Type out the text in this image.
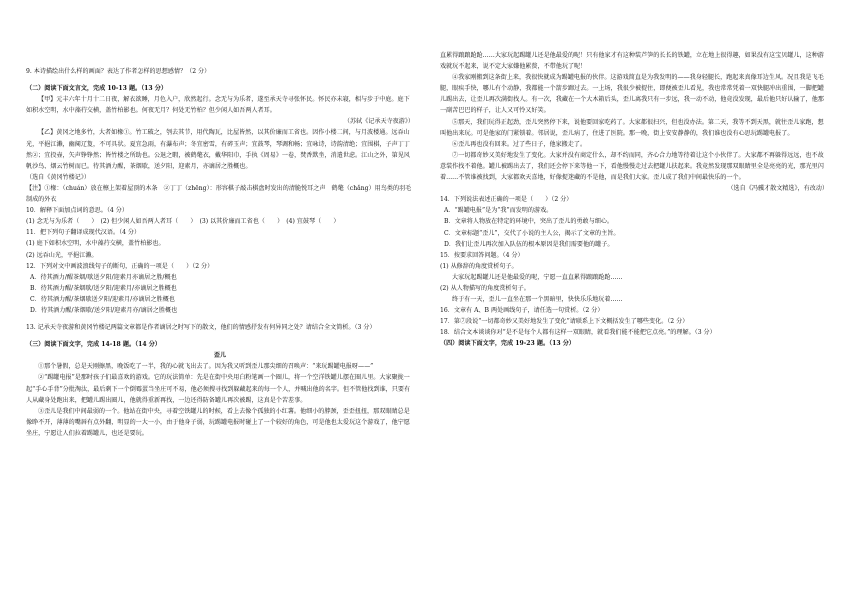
9. 本诗描绘出什么样的画面？表达了作者怎样的思想感情？（2 分）

（二）阅读下面文言文，完成 10-13 题。（13 分）

【甲】元丰六年十月十二日夜，解衣欲睡，月色入户，欣然起行。念无与为乐者，遂至承天寺寻张怀民。怀民亦未寝，相与步于中庭。庭下如积水空明，水中藻荇交横，盖竹柏影也。何夜无月？何处无竹柏？但少闲人如吾两人者耳。

（苏轼《记承天寺夜游》）

【乙】黄冈之地多竹，大者如椽①。竹工破之，刳去其节，用代陶瓦，比屋皆然，以其价廉而工省也。因作小楼二间，与月波楼通。远吞山光，平挹江濑，幽阒辽夐，不可具状。夏宜急雨，有瀑布声；冬宜密雪，有碎玉声；宜鼓琴，琴调和畅；宜咏诗，诗韵清绝；宜围棋，子声丁丁然②；宜投壶，矢声铮铮然；皆竹楼之所助也。公退之暇，被鹤氅衣，戴华阳巾，手执《周易》一卷，焚香默坐，消遣世虑。江山之外，第见风帆沙鸟、烟云竹树而已。待其酒力醒，茶烟歇，送夕阳，迎素月，亦谪居之胜概也。

（选自《黄冈竹楼记》）

【注】①椽：（chuán）放在檩上架着屋顶的木条　②丁丁（zhēng）：形容棋子敲击棋盘时发出的清脆悦耳之声　鹤氅（chǎng）用鸟类的羽毛制成的外衣

10．解释下面加点词的意思。（4 分）

(1) 念无与为乐者（　　）　(2) 但少闲人如吾两人者耳（　　）　(3) 以其价廉而工省也（　　）　(4) 宜鼓琴（　　）

11．把下列句子翻译成现代汉语。（4 分）

(1) 庭下如积水空明，水中藻荇交横，盖竹柏影也。

(2) 远吞山光，平挹江濑。

12．下列对文中画波浪线句子的断句，正确的一项是（　　）（2 分）

A．待其酒力/醒茶烟/歇送夕阳/迎素月亦谪居之胜/概也

B．待其酒力醒/茶烟歇/送夕阳/迎素月/亦谪居之胜概也

C．待其酒力醒/茶烟歇送夕阳/迎素月/亦谪居之胜概也

D．待其酒力醒/茶烟歇/送夕阳/迎素月亦/谪居之胜概也

13. 记承天寺夜游和黄冈竹楼记两篇文章都是作者谪居之时写下的散文，他们的情感抒发有何异同之处？请结合全文简析。（3 分）

（三）阅读下面文字，完成 14-18 题。（14 分）

歪儿

①那个暑假，总是天刚擦黑，晚饭吃了一半，我的心就飞出去了。因为我又听到歪儿那尖细的召唤声：“来玩踢罐电报呀——”

②“踢罐电报”是那时孩子们最喜欢的游戏。它的玩法简单：先是在街中央用白粉笔画一个圈儿，将一个空洋铁罐儿摆在圈儿里。大家聚拢一起“手心手背”分批淘汰，最后剩下一个倒霉蛋当坐庄可不易，他必须搜寻找到躲藏起来的每一个人，并喊出他的名字。但不管他找到谁，只要有人从藏身处跑出来，把罐儿踢出圈儿，他就得重新再找，一边还得防备罐儿再次被踢，这真是个苦差事。

③歪儿是我们中间最弱的一个。他站在街中央，寻着空铁罐儿的时候，看上去像个孤独的小红薯。他细小的脖颈，歪歪扭扭，那双眼睛总是像睁不开，薄薄的嘴唇有点外翻，明显的一大一小，由于他身子弱，玩踢罐电报时碰上了一个较好的角色，可是他也太爱玩这个游戏了，他宁愿坐庄，宁愿让人们拉着踢罐儿，也还是要玩。

直累得踉踉跄跄……大家玩起踢罐儿还是他最爱的呢！只有他家才有这种装芦笋的长长的铁罐，立在地上很得趣，如果没有这宝贝罐儿，这种游戏就玩不起来，说不定大家嫌他累赘，不带他玩了呢！

④我家刚搬到这条街上来，我很快就成为踢罐电报的伙伴。这游戏简直是为我发明的——我身轻腿长，跑起来真像耳边生风。况且我是飞毛腿，眼疾手快，哪儿有个动静，我都能一个箭步蹿过去。一上场，我很少被捉住，即便被歪儿看见，我也常常凭着一双快腿冲出重围，一脚把罐儿踢出去，让歪儿再次满街找人。有一次，我藏在一个大木箱后头，歪儿离我只有一步远，我一动不动，他竟没发现，最后他只好认输了，他那一副苦巴巴的样子，让人又可怜又好笑。

⑤那天，我们玩得正起劲，歪儿突然停下来，说他要回家吃药了。大家都很扫兴，但也没办法。第二天，我等不到天黑，就往歪儿家跑，想叫他出来玩。可是他家的门紧锁着。邻居说，歪儿病了，住进了医院。那一晚，街上安安静静的，我们谁也没有心思玩踢罐电报了。

⑥歪儿再也没有回来。过了些日子，他家搬走了。

⑦一切都奇妙又美好地发生了变化。大家并没有商定什么，却不约而同，齐心合力地等待着让这个小伙伴了。大家都不再躲得远远，也不故意装作找不着他。罐儿被踢出去了，我们还会停下来等他一下，看他慢慢走过去把罐儿扶起来。我竟然发现那双眼睛里全是亮亮的光，那光里闪着……不管谁被找到，大家都欢天喜地，好像捉迷藏的不是他，而是我们大家。歪儿成了我们中间最快乐的一个。

（选自《冯骥才散文精选》，有改动）

14．下列说法表述正确的一项是（　　）（2 分）

A．“踢罐电报”是为“我”而发明的游戏。

B．文章将人物放在特定的环境中，突出了歪儿的勇敢与细心。

C．文章标题“歪儿”，交代了小说的主人公，揭示了文章的主旨。

D．我们让歪儿再次加入队伍的根本原因是我们需要他的罐子。

15．按要求回答问题。（4 分）

(1) 从修辞的角度赏析句子。

大家玩起踢罐儿还是他最爱的呢，宁愿一直直累得踉踉跄跄……

(2) 从人物描写的角度赏析句子。

终于有一天，歪儿一直坐在那一个黑暗里，快快乐乐地玩着……

16．文章有 A、B 两处画线句子，请任选一句赏析。（2 分）

17．第⑦段说“一切都奇妙又美好地发生了变化”请联系上下文概括发生了哪些变化。（2 分）

18．结合文本谈谈你对“是不是每个人都有这样一双眼睛，就看我们能不能把它点亮。”的理解。（3 分）

（四）阅读下面文字，完成 19-23 题。（13 分）
